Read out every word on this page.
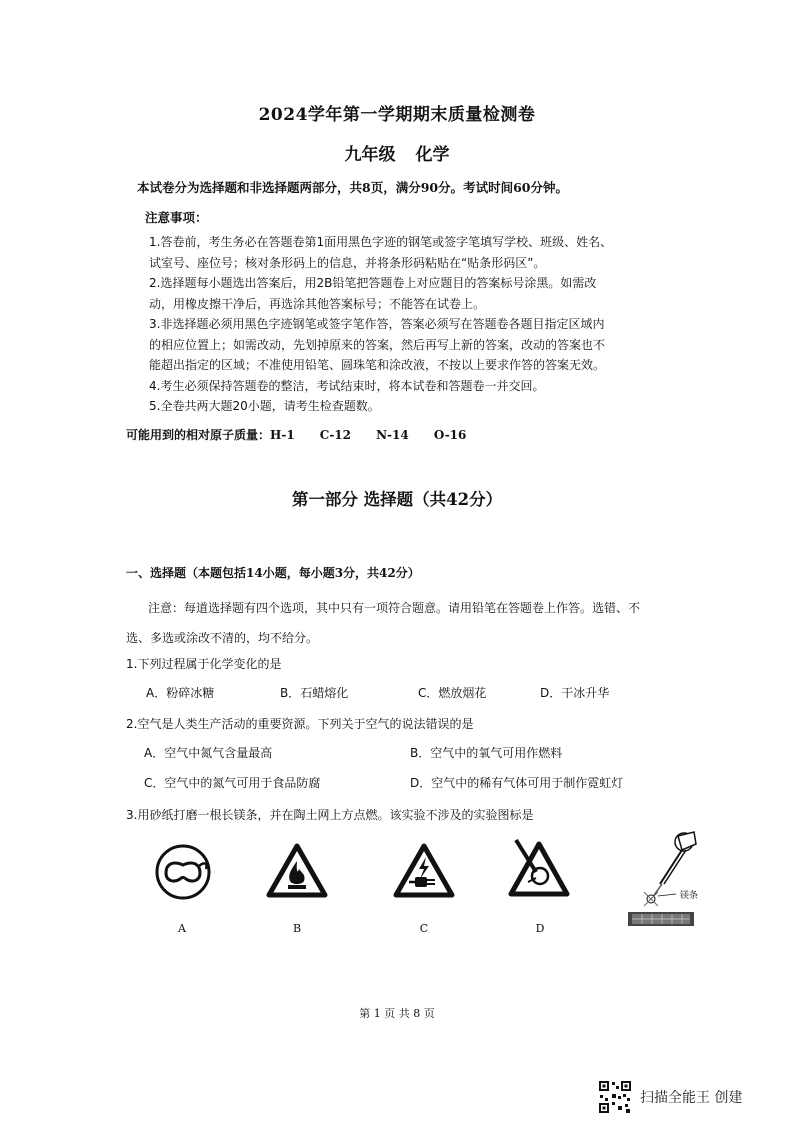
2024学年第一学期期末质量检测卷
九年级 化学
本试卷分为选择题和非选择题两部分，共8页，满分90分。考试时间60分钟。
注意事项：

1.答卷前，考生务必在答题卷第1面用黑色字迹的钢笔或签字笔填写学校、班级、姓名、

试室号、座位号；核对条形码上的信息，并将条形码粘贴在“贴条形码区”。

2.选择题每小题选出答案后，用2B铅笔把答题卷上对应题目的答案标号涂黑。如需改

动，用橡皮擦干净后，再选涂其他答案标号；不能答在试卷上。

3.非选择题必须用黑色字迹钢笔或签字笔作答，答案必须写在答题卷各题目指定区域内

的相应位置上；如需改动，先划掉原来的答案，然后再写上新的答案，改动的答案也不

能超出指定的区域；不准使用铅笔、圆珠笔和涂改液，不按以上要求作答的答案无效。

4.考生必须保持答题卷的整洁，考试结束时，将本试卷和答题卷一并交回。

5.全卷共两大题20小题，请考生检查题数。

可能用到的相对原子质量：H-1 C-12 N-14 O-16
第一部分 选择题（共42分）
一、选择题（本题包括14小题，每小题3分，共42分）
注意：每道选择题有四个选项，其中只有一项符合题意。请用铅笔在答题卷上作答。选错、不选、多选或涂改不清的，均不给分。
1.下列过程属于化学变化的是
A．粉碎冰糖	B．石蜡熔化	C．燃放烟花	D．干冰升华
2.空气是人类生产活动的重要资源。下列关于空气的说法错误的是
A．空气中氮气含量最高	B．空气中的氧气可用作燃料
C．空气中的氮气可用于食品防腐	D．空气中的稀有气体可用于制作霓虹灯
3.用砂纸打磨一根长镁条，并在陶土网上方点燃。该实验不涉及的实验图标是
A	B	C	D
镁条
第 1 页 共 8 页
扫描全能王 创建
